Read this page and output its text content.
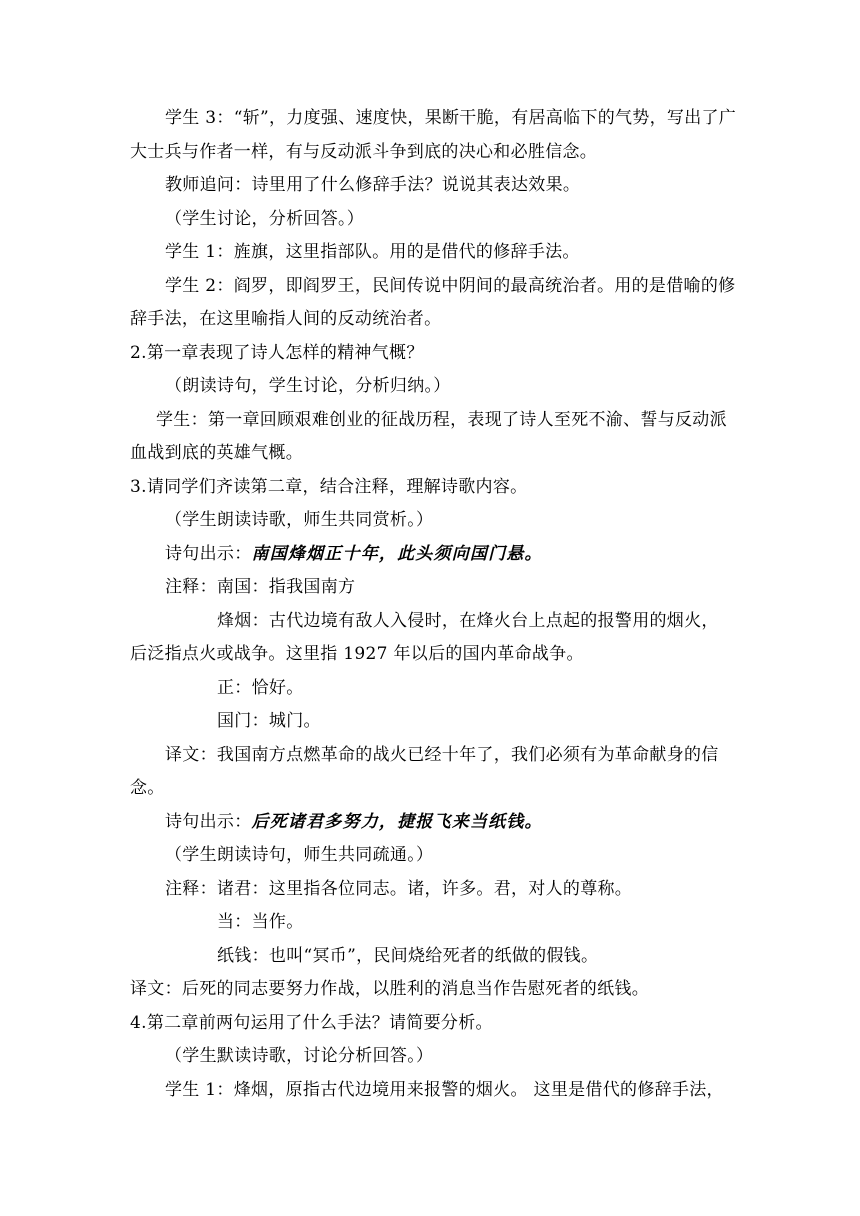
学生 3：“斩”，力度强、速度快，果断干脆，有居高临下的气势，写出了广
大士兵与作者一样，有与反动派斗争到底的决心和必胜信念。
教师追问：诗里用了什么修辞手法？说说其表达效果。
（学生讨论，分析回答。）
学生 1：旌旗，这里指部队。用的是借代的修辞手法。
学生 2：阎罗，即阎罗王，民间传说中阴间的最高统治者。用的是借喻的修
辞手法，在这里喻指人间的反动统治者。
2.第一章表现了诗人怎样的精神气概？
（朗读诗句，学生讨论，分析归纳。）
学生：第一章回顾艰难创业的征战历程，表现了诗人至死不渝、誓与反动派
血战到底的英雄气概。
3.请同学们齐读第二章，结合注释，理解诗歌内容。
（学生朗读诗歌，师生共同赏析。）
诗句出示：南国烽烟正十年，此头须向国门悬。
注释：南国：指我国南方
烽烟：古代边境有敌人入侵时，在烽火台上点起的报警用的烟火，
后泛指点火或战争。这里指 1927 年以后的国内革命战争。
正：恰好。
国门：城门。
译文：我国南方点燃革命的战火已经十年了，我们必须有为革命献身的信
念。
诗句出示：后死诸君多努力，捷报飞来当纸钱。
（学生朗读诗句，师生共同疏通。）
注释：诸君：这里指各位同志。诸，许多。君，对人的尊称。
当：当作。
纸钱：也叫“冥币”，民间烧给死者的纸做的假钱。
译文：后死的同志要努力作战，以胜利的消息当作告慰死者的纸钱。
4.第二章前两句运用了什么手法？请简要分析。
（学生默读诗歌，讨论分析回答。）
学生 1：烽烟，原指古代边境用来报警的烟火。 这里是借代的修辞手法，
